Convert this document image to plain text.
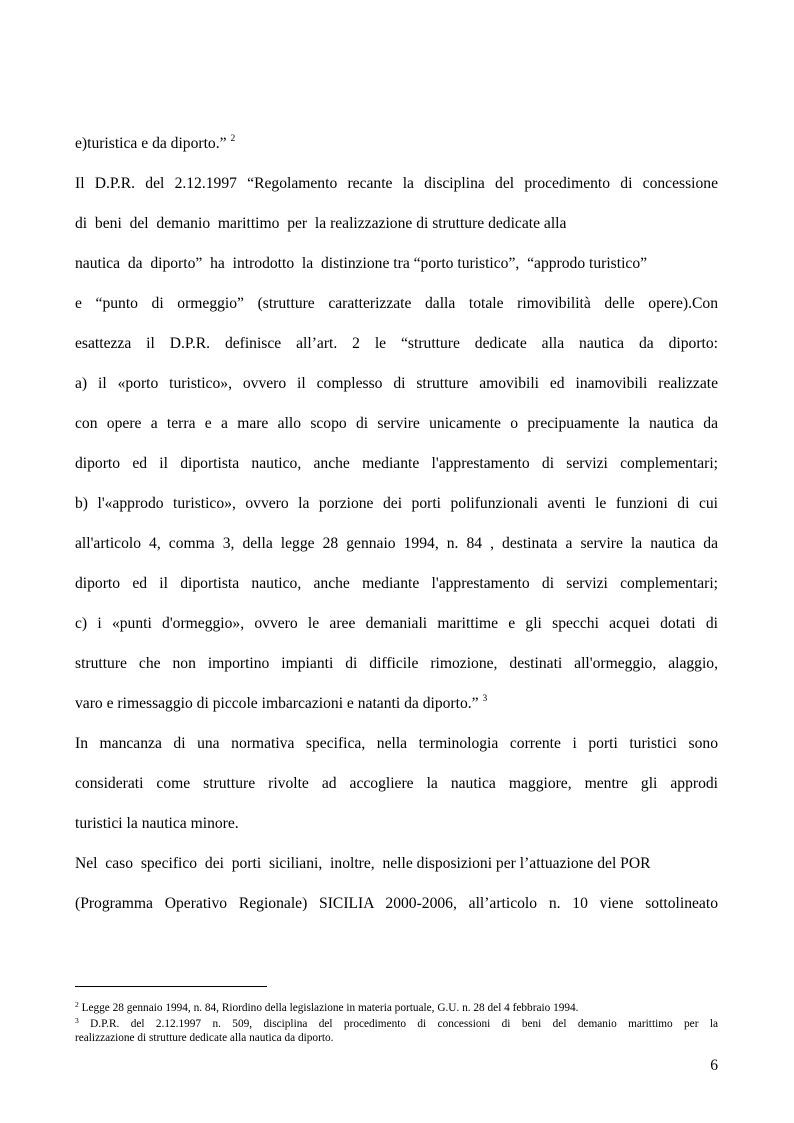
e)turistica e da diporto.” $^2$
Il D.P.R. del 2.12.1997 “Regolamento recante la disciplina del procedimento di concessione
di  beni  del  demanio  marittimo  per  la realizzazione di strutture dedicate alla
nautica  da  diporto”  ha  introdotto  la  distinzione tra “porto turistico”,  “approdo turistico”
e “punto di ormeggio” (strutture caratterizzate dalla totale rimovibilità delle opere).Con
esattezza il D.P.R. definisce all’art. 2 le “strutture dedicate alla nautica da diporto:
a) il «porto turistico», ovvero il complesso di strutture amovibili ed inamovibili realizzate
con opere a terra e a mare allo scopo di servire unicamente o precipuamente la nautica da
diporto ed il diportista nautico, anche mediante l'apprestamento di servizi complementari;
b) l'«approdo turistico», ovvero la porzione dei porti polifunzionali aventi le funzioni di cui
all'articolo 4, comma 3, della legge 28 gennaio 1994, n. 84 , destinata a servire la nautica da
diporto ed il diportista nautico, anche mediante l'apprestamento di servizi complementari;
c) i «punti d'ormeggio», ovvero le aree demaniali marittime e gli specchi acquei dotati di
strutture che non importino impianti di difficile rimozione, destinati all'ormeggio, alaggio,
varo e rimessaggio di piccole imbarcazioni e natanti da diporto.” $^3$
In mancanza di una normativa specifica, nella terminologia corrente i porti turistici sono
considerati come strutture rivolte ad accogliere la nautica maggiore, mentre gli approdi
turistici la nautica minore.
Nel  caso  specifico  dei  porti  siciliani,  inoltre,  nelle disposizioni per l’attuazione del POR
(Programma Operativo Regionale) SICILIA 2000-2006, all’articolo n. 10 viene sottolineato
$^2$ Legge 28 gennaio 1994, n. 84, Riordino della legislazione in materia portuale, G.U. n. 28 del 4 febbraio 1994.
$^3$ D.P.R. del 2.12.1997 n. 509, disciplina del procedimento di concessioni di beni del demanio marittimo per la
realizzazione di strutture dedicate alla nautica da diporto.
6
